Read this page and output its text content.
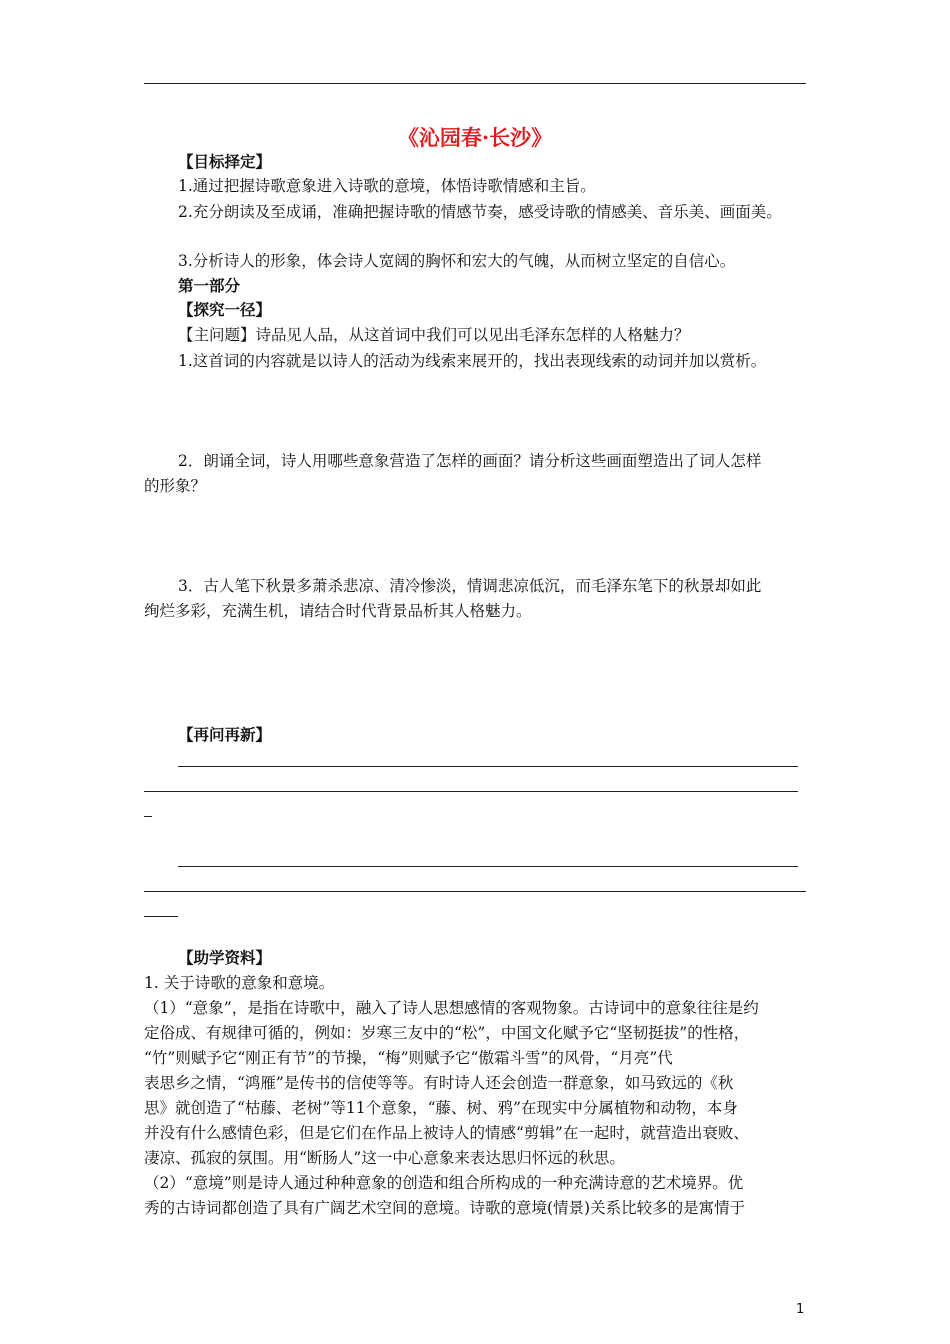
《沁园春·长沙》
【目标择定】
1.通过把握诗歌意象进入诗歌的意境，体悟诗歌情感和主旨。
2.充分朗读及至成诵，准确把握诗歌的情感节奏，感受诗歌的情感美、音乐美、画面美。
3.分析诗人的形象，体会诗人宽阔的胸怀和宏大的气魄，从而树立坚定的自信心。
第一部分
【探究一径】
【主问题】诗品见人品，从这首词中我们可以见出毛泽东怎样的人格魅力？
1.这首词的内容就是以诗人的活动为线索来展开的，找出表现线索的动词并加以赏析。
2．朗诵全词，诗人用哪些意象营造了怎样的画面？请分析这些画面塑造出了词人怎样
的形象？
3．古人笔下秋景多萧杀悲凉、清冷惨淡，情调悲凉低沉，而毛泽东笔下的秋景却如此
绚烂多彩，充满生机，请结合时代背景品析其人格魅力。
【再问再新】
【助学资料】
1. 关于诗歌的意象和意境。
（1）“意象”，是指在诗歌中，融入了诗人思想感情的客观物象。古诗词中的意象往往是约
定俗成、有规律可循的，例如：岁寒三友中的“松”，中国文化赋予它“坚韧挺拔”的性格，
“竹”则赋予它“刚正有节”的节操，“梅”则赋予它“傲霜斗雪”的风骨，“月亮”代
表思乡之情，“鸿雁”是传书的信使等等。有时诗人还会创造一群意象，如马致远的《秋
思》就创造了“枯藤、老树”等11个意象，“藤、树、鸦”在现实中分属植物和动物，本身
并没有什么感情色彩，但是它们在作品上被诗人的情感“剪辑”在一起时，就营造出衰败、
凄凉、孤寂的氛围。用“断肠人”这一中心意象来表达思归怀远的秋思。
（2）“意境”则是诗人通过种种意象的创造和组合所构成的一种充满诗意的艺术境界。优
秀的古诗词都创造了具有广阔艺术空间的意境。诗歌的意境(情景)关系比较多的是寓情于
1
